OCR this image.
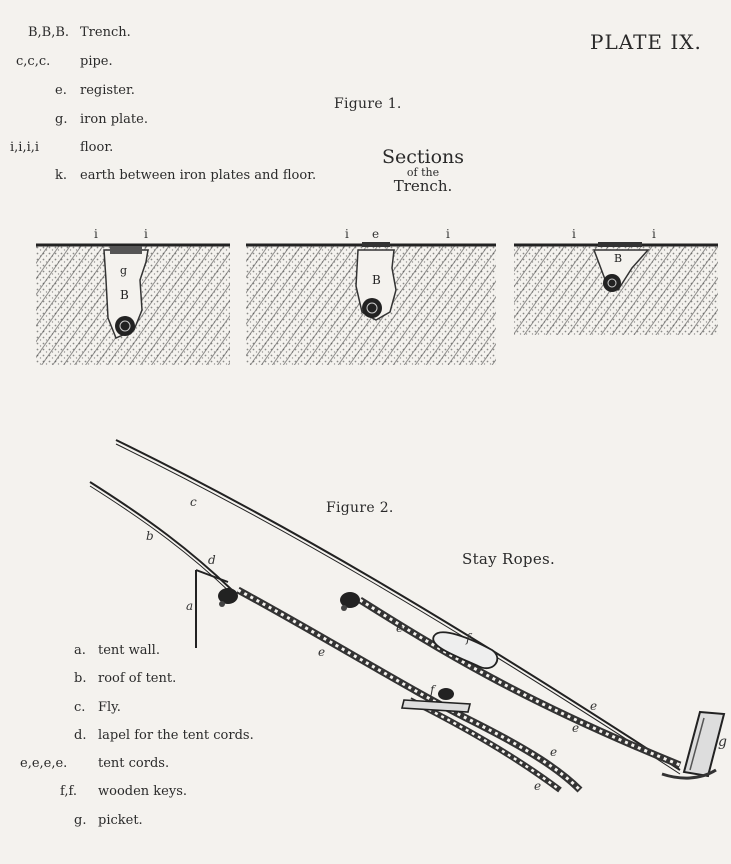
PLATE IX.
B,B,B. Trench.
c,c,c. pipe.
e. register.
g. iron plate.
i,i,i,i	floor.
k. earth between iron plates and floor.
Figure 1.
Sections
of the
Trench.
Figure 2.
Stay Ropes.
a. tent wall.
b. roof of tent.
c. Fly.
d. lapel for the tent cords.
e,e,e,e. tent cords.
f,f. wooden keys.
g. picket.
i	i
g
B
i e	i
B
i	i
B
a
b
c
d
e
e
e
e
e
e
f
f
g
